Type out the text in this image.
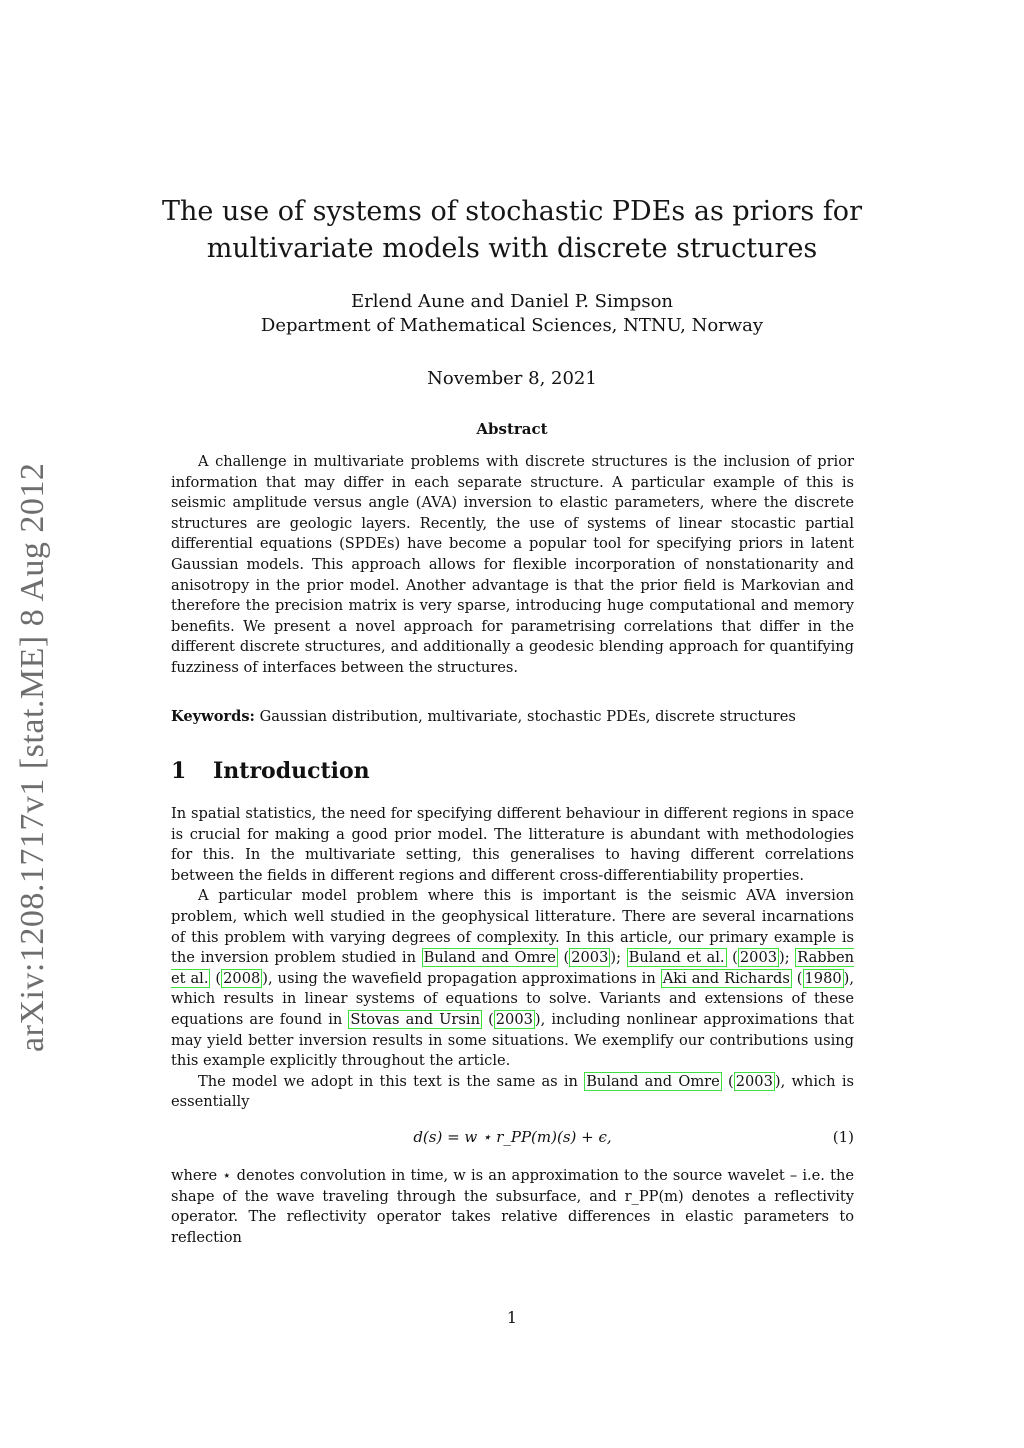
arXiv:1208.1717v1 [stat.ME] 8 Aug 2012
The use of systems of stochastic PDEs as priors for multivariate models with discrete structures
Erlend Aune and Daniel P. Simpson
Department of Mathematical Sciences, NTNU, Norway
November 8, 2021
Abstract

A challenge in multivariate problems with discrete structures is the inclusion of prior information that may differ in each separate structure. A particular example of this is seismic amplitude versus angle (AVA) inversion to elastic parameters, where the discrete structures are geologic layers. Recently, the use of systems of linear stocastic partial differential equations (SPDEs) have become a popular tool for specifying priors in latent Gaussian models. This approach allows for flexible incorporation of nonstationarity and anisotropy in the prior model. Another advantage is that the prior field is Markovian and therefore the precision matrix is very sparse, introducing huge computational and memory benefits. We present a novel approach for parametrising correlations that differ in the different discrete structures, and additionally a geodesic blending approach for quantifying fuzziness of interfaces between the structures.

Keywords: Gaussian distribution, multivariate, stochastic PDEs, discrete structures
1 Introduction

In spatial statistics, the need for specifying different behaviour in different regions in space is crucial for making a good prior model. The litterature is abundant with methodologies for this. In the multivariate setting, this generalises to having different correlations between the fields in different regions and different cross-differentiability properties.

A particular model problem where this is important is the seismic AVA inversion problem, which well studied in the geophysical litterature. There are several incarnations of this problem with varying degrees of complexity. In this article, our primary example is the inversion problem studied in Buland and Omre ( 2003 ); Buland et al. ( 2003 ); Rabben et al. ( 2008 ), using the wavefield propagation approximations in Aki and Richards ( 1980 ), which results in linear systems of equations to solve. Variants and extensions of these equations are found in Stovas and Ursin ( 2003 ), including nonlinear approximations that may yield better inversion results in some situations. We exemplify our contributions using this example explicitly throughout the article.

The model we adopt in this text is the same as in Buland and Omre ( 2003 ), which is essentially

d(s) = w ⋆ r_PP(m)(s) + ϵ,	(1)

where ⋆ denotes convolution in time, w is an approximation to the source wavelet – i.e. the shape of the wave traveling through the subsurface, and r_PP(m) denotes a reflectivity operator. The reflectivity operator takes relative differences in elastic parameters to reflection

1
